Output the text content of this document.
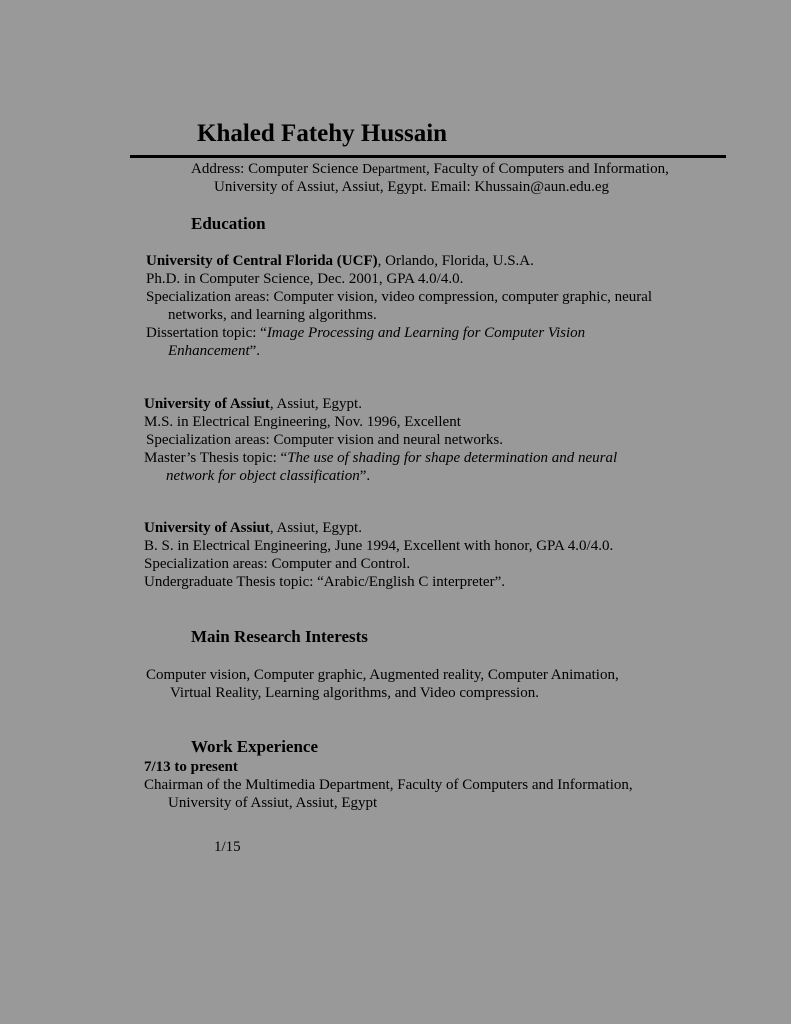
Khaled Fatehy Hussain

Address: Computer Science Department, Faculty of Computers and Information,

University of Assiut, Assiut, Egypt. Email: Khussain@aun.edu.eg

Education

University of Central Florida (UCF), Orlando, Florida, U.S.A.

Ph.D. in Computer Science, Dec. 2001, GPA 4.0/4.0.

Specialization areas: Computer vision, video compression, computer graphic, neural

networks, and learning algorithms.

Dissertation topic: “Image Processing and Learning for Computer Vision

Enhancement”.

University of Assiut, Assiut, Egypt.

M.S. in Electrical Engineering, Nov. 1996, Excellent

Specialization areas: Computer vision and neural networks.

Master’s Thesis topic: “The use of shading for shape determination and neural

network for object classification”.

University of Assiut, Assiut, Egypt.

B. S. in Electrical Engineering, June 1994, Excellent with honor, GPA 4.0/4.0.

Specialization areas: Computer and Control.

Undergraduate Thesis topic: “Arabic/English C interpreter”.

Main Research Interests

Computer vision, Computer graphic, Augmented reality, Computer Animation,

Virtual Reality, Learning algorithms, and Video compression.

Work Experience

7/13 to present

Chairman of the Multimedia Department, Faculty of Computers and Information,

University of Assiut, Assiut, Egypt

1/15
